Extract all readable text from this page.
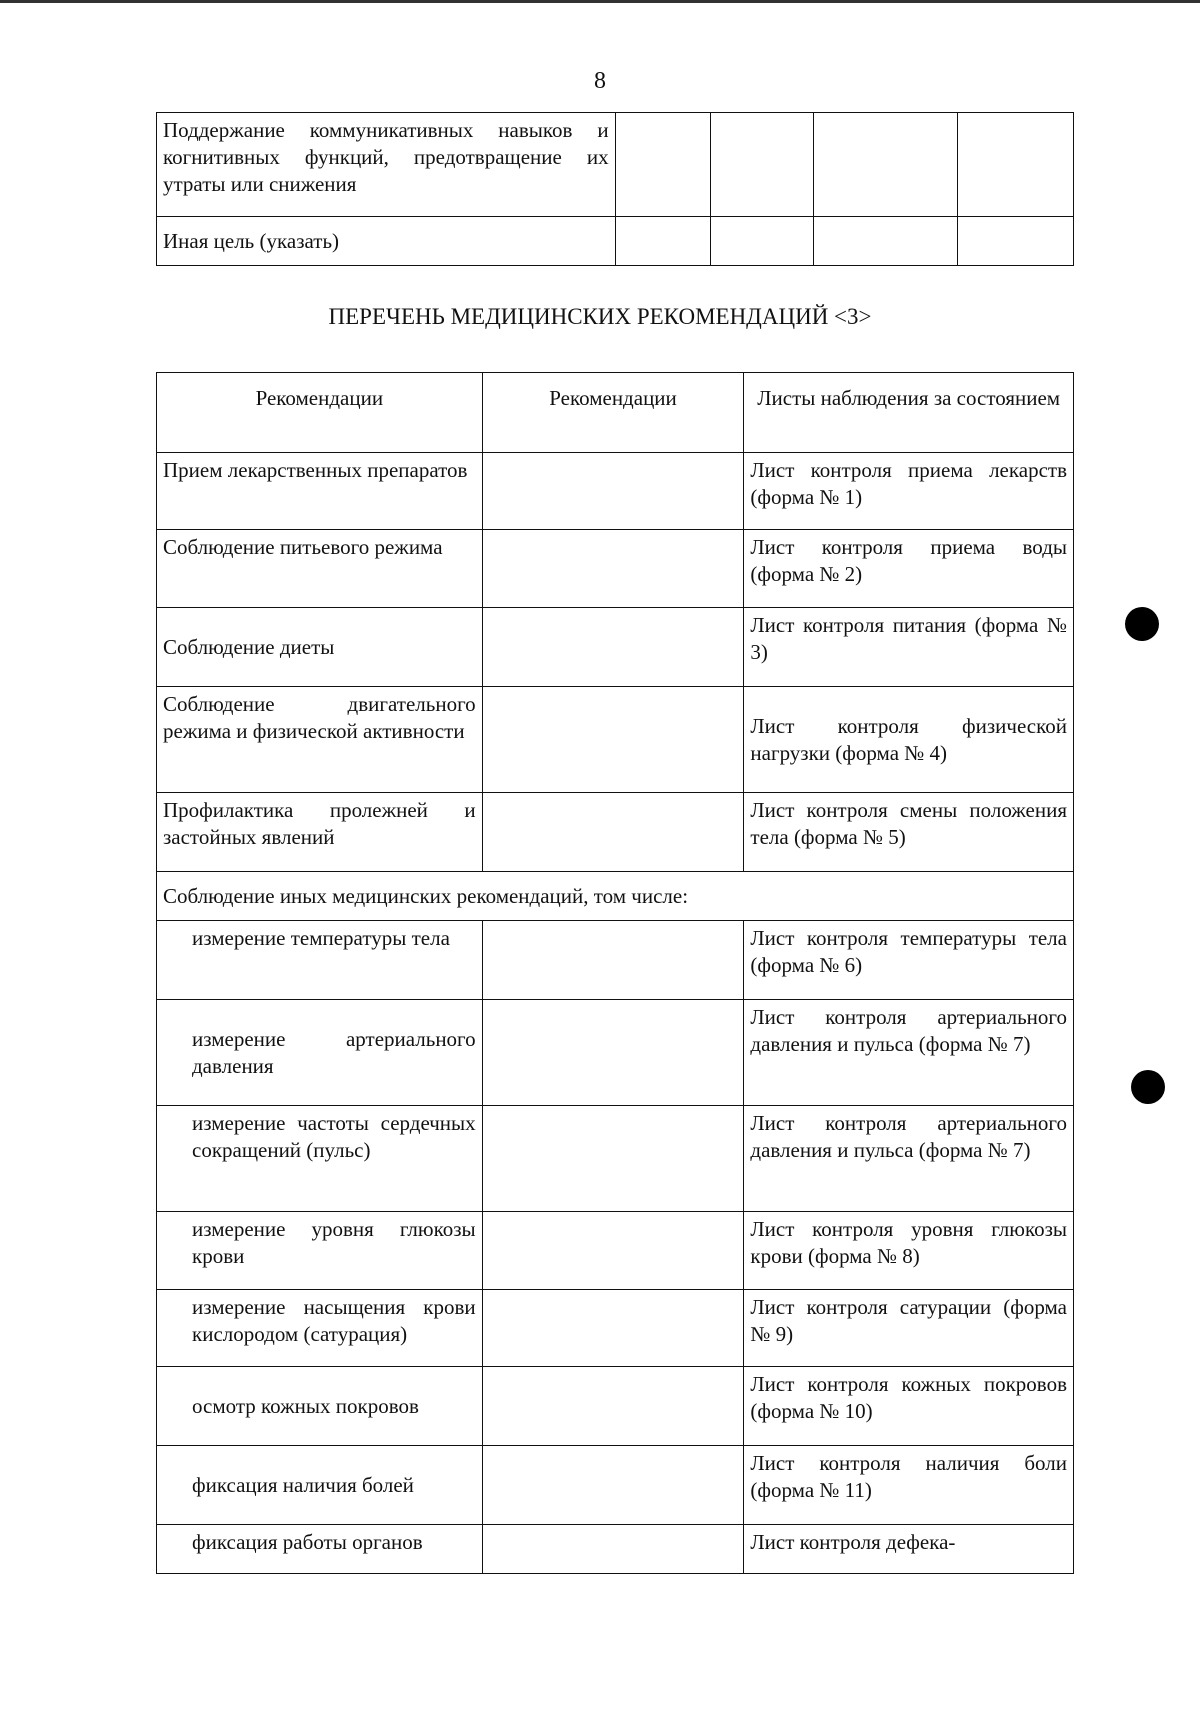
8
Поддержание коммуникативных навыков и когнитивных функций, предотвращение их утраты или снижения				
Иная цель (указать)				
ПЕРЕЧЕНЬ МЕДИЦИНСКИХ РЕКОМЕНДАЦИЙ <3>
Рекомендации	Рекомендации	Листы наблюдения за состоянием
Прием лекарственных препаратов		Лист контроля приема лекарств (форма № 1)
Соблюдение питьевого режима		Лист контроля приема воды (форма № 2)
Соблюдение диеты		Лист контроля питания (форма № 3)
Соблюдение двигательного режима и физической активности		Лист контроля физической нагрузки (форма № 4)
Профилактика пролежней и застойных явлений		Лист контроля смены положения тела (форма № 5)
Соблюдение иных медицинских рекомендаций, том числе:		
измерение температуры тела		Лист контроля температуры тела (форма № 6)
измерение артериального давления		Лист контроля артериального давления и пульса (форма № 7)
измерение частоты сердечных сокращений (пульс)		Лист контроля артериального давления и пульса (форма № 7)
измерение уровня глюкозы крови		Лист контроля уровня глюкозы крови (форма № 8)
измерение насыщения крови кислородом (сатурация)		Лист контроля сатурации (форма № 9)
осмотр кожных покровов		Лист контроля кожных покровов (форма № 10)
фиксация наличия болей		Лист контроля наличия боли (форма № 11)
фиксация работы органов		Лист контроля дефека-
